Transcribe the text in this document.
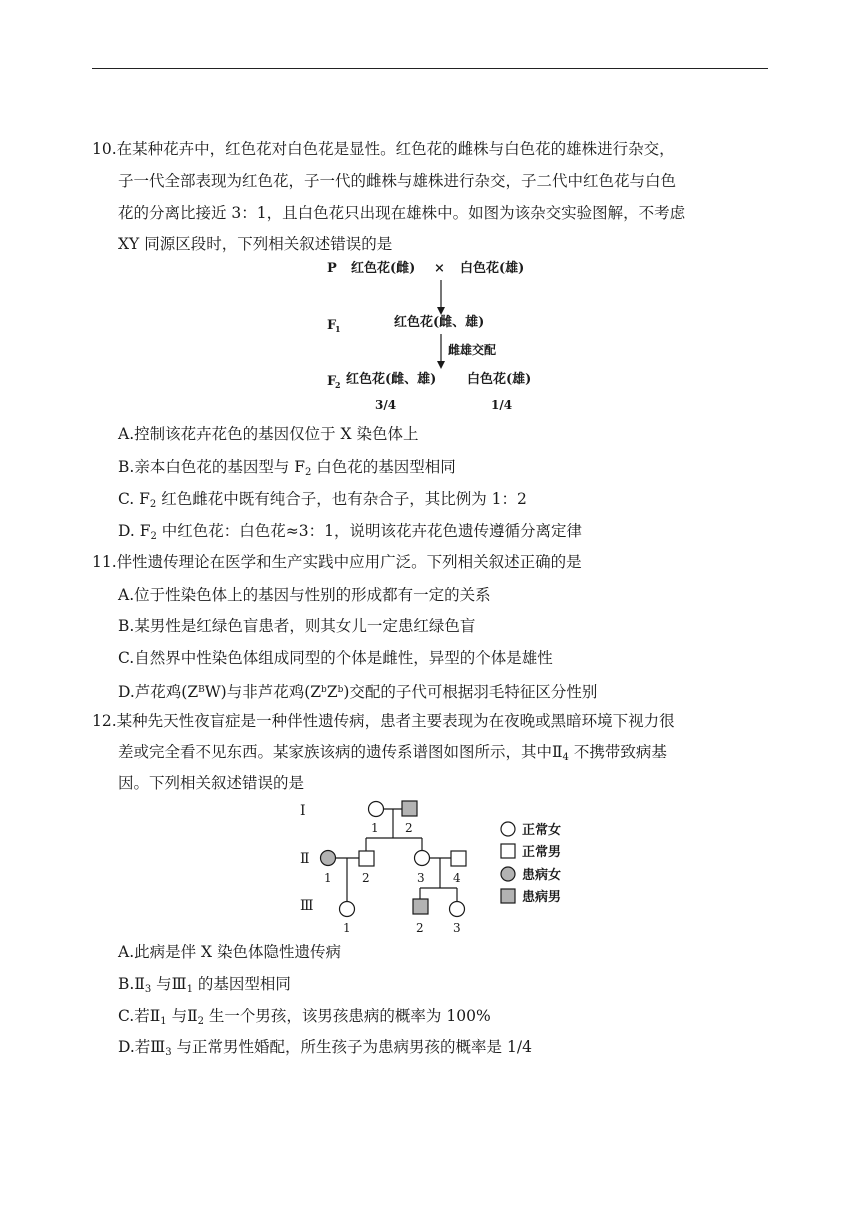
10.在某种花卉中，红色花对白色花是显性。红色花的雌株与白色花的雄株进行杂交，
子一代全部表现为红色花，子一代的雌株与雄株进行杂交，子二代中红色花与白色
花的分离比接近 3：1，且白色花只出现在雄株中。如图为该杂交实验图解，不考虑
XY 同源区段时，下列相关叙述错误的是
P 红色花(雌) × 白色花(雄)
F
1	红色花(雌、雄)
雌雄交配
F
2 红色花(雌、雄) 白色花(雄)
3/4	1/4
A.控制该花卉花色的基因仅位于 X 染色体上
B.亲本白色花的基因型与 $F_2$ 白色花的基因型相同
C. $F_2$ 红色雌花中既有纯合子，也有杂合子，其比例为 1：2
D. $F_2$ 中红色花：白色花≈3：1，说明该花卉花色遗传遵循分离定律
11.伴性遗传理论在医学和生产实践中应用广泛。下列相关叙述正确的是
A.位于性染色体上的基因与性别的形成都有一定的关系
B.某男性是红绿色盲患者，则其女儿一定患红绿色盲
C.自然界中性染色体组成同型的个体是雌性，异型的个体是雄性
D.芦花鸡$(Z^BW)$与非芦花鸡$(Z^bZ^b)$交配的子代可根据羽毛特征区分性别
12.某种先天性夜盲症是一种伴性遗传病，患者主要表现为在夜晚或黑暗环境下视力很
差或完全看不见东西。某家族该病的遗传系谱图如图所示，其中$Ⅱ_4$ 不携带致病基
因。下列相关叙述错误的是
Ⅰ
Ⅱ
Ⅲ
1 2
1	2	3 4
1	2 3
正常女
正常男
患病女
患病男
A.此病是伴 X 染色体隐性遗传病
$B.Ⅱ_3$ 与$Ⅲ_1$ 的基因型相同
C.若$Ⅱ_1$ 与$Ⅱ_2$ 生一个男孩，该男孩患病的概率为 100%
D.若$Ⅲ_3$ 与正常男性婚配，所生孩子为患病男孩的概率是 1/4
